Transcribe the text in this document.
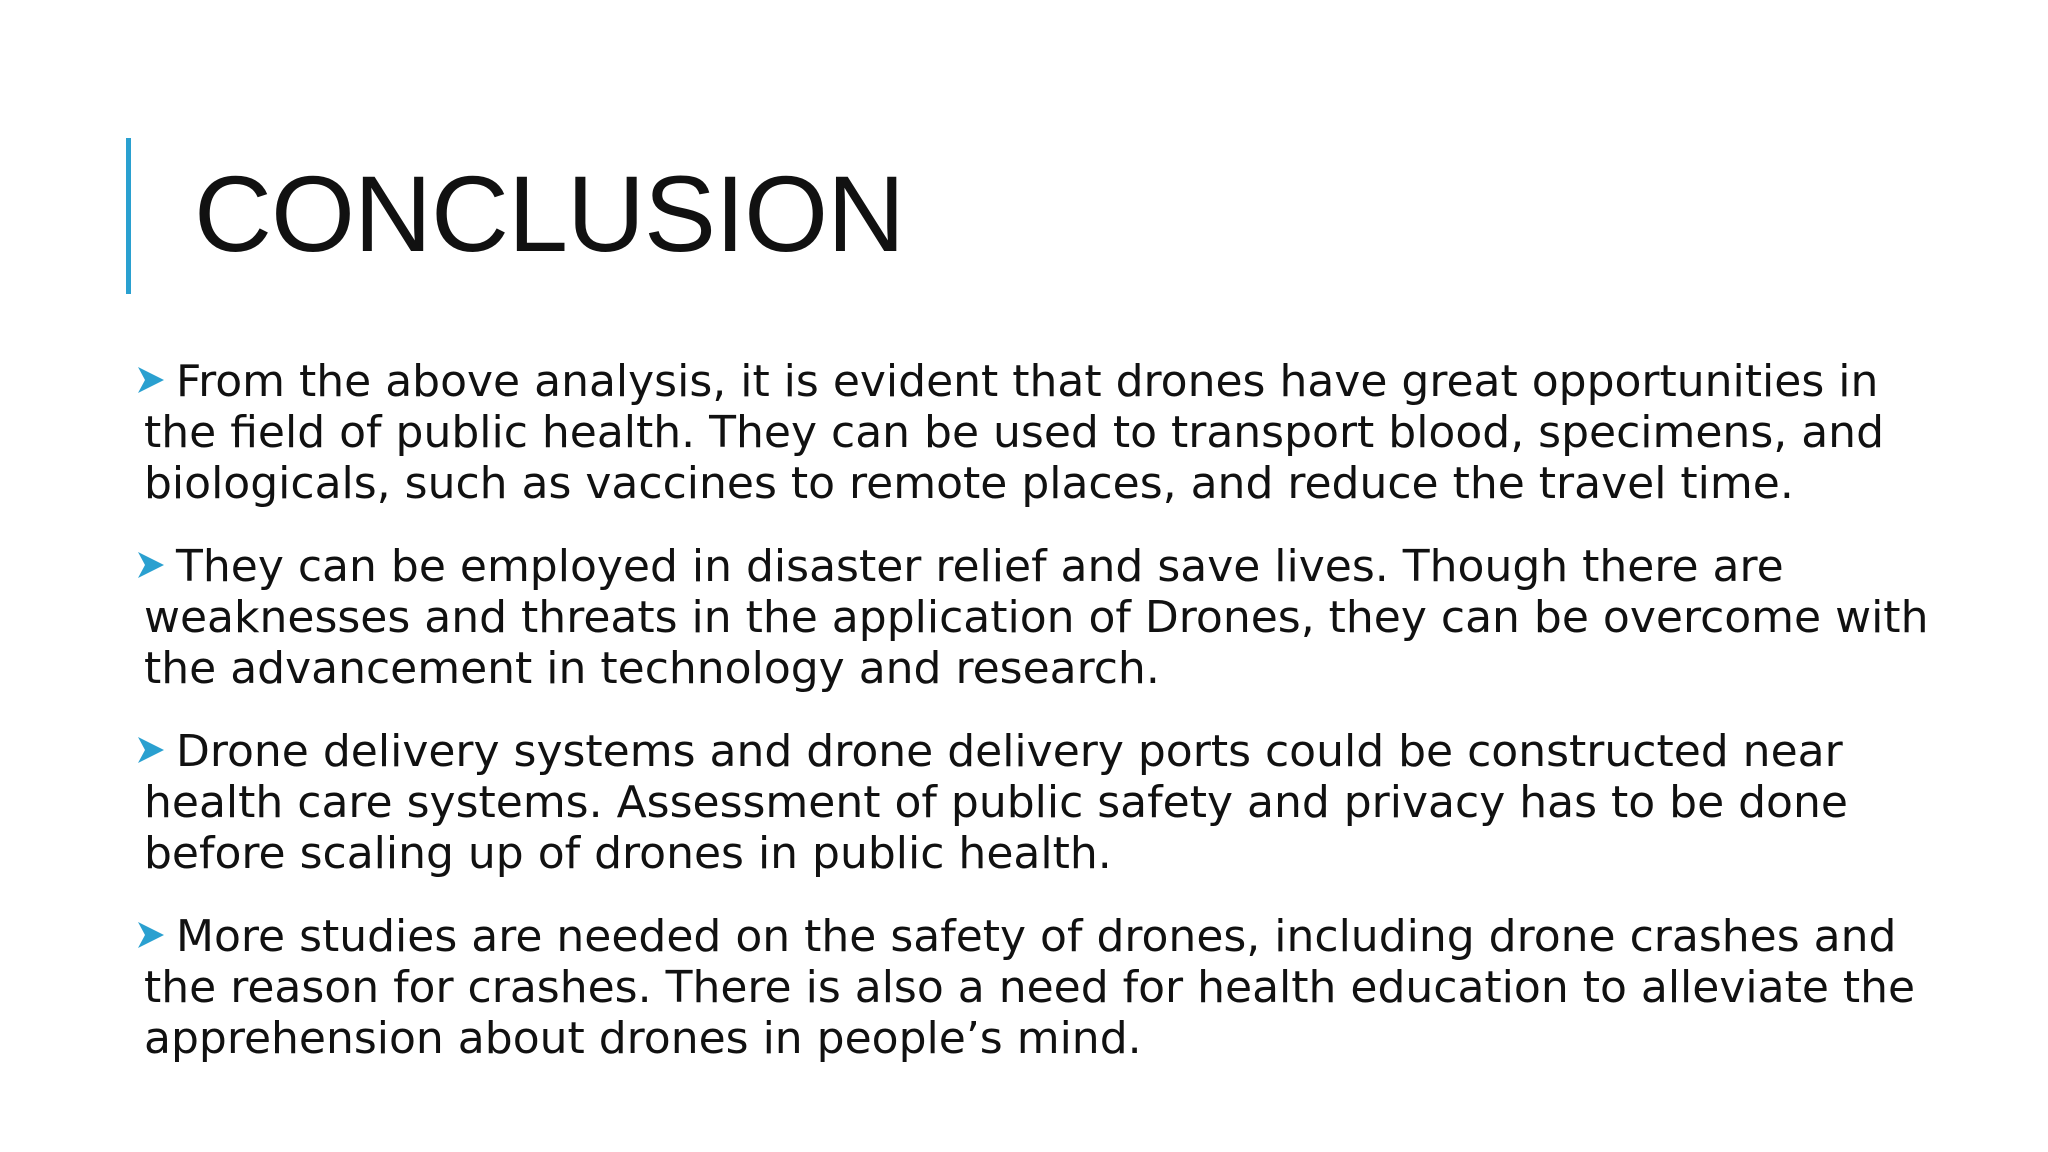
CONCLUSION
From the above analysis, it is evident that drones have great opportunities in the field of public health. They can be used to transport blood, specimens, and biologicals, such as vaccines to remote places, and reduce the travel time.
They can be employed in disaster relief and save lives. Though there are weaknesses and threats in the application of Drones, they can be overcome with the advancement in technology and research.
Drone delivery systems and drone delivery ports could be constructed near health care systems. Assessment of public safety and privacy has to be done before scaling up of drones in public health.
More studies are needed on the safety of drones, including drone crashes and the reason for crashes. There is also a need for health education to alleviate the apprehension about drones in people’s mind.
